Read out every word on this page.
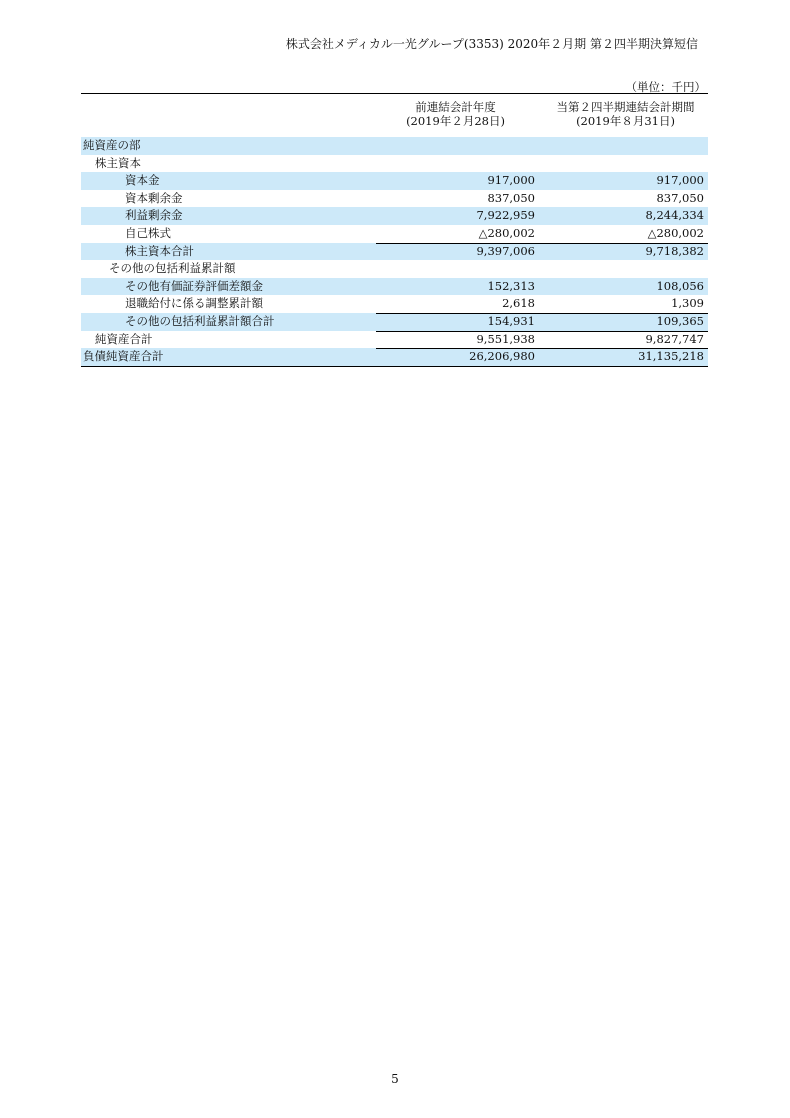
株式会社メディカル一光グループ(3353) 2020年２月期 第２四半期決算短信
（単位：千円）
前連結会計年度
(2019年２月28日)
当第２四半期連結会計期間
(2019年８月31日)
純資産の部
株主資本
資本金	917,000	917,000
資本剰余金	837,050	837,050
利益剰余金	7,922,959	8,244,334
自己株式	△280,002	△280,002
株主資本合計	9,397,006	9,718,382
その他の包括利益累計額
その他有価証券評価差額金	152,313	108,056
退職給付に係る調整累計額	2,618	1,309
その他の包括利益累計額合計	154,931	109,365
純資産合計	9,551,938	9,827,747
負債純資産合計	26,206,980	31,135,218
5
